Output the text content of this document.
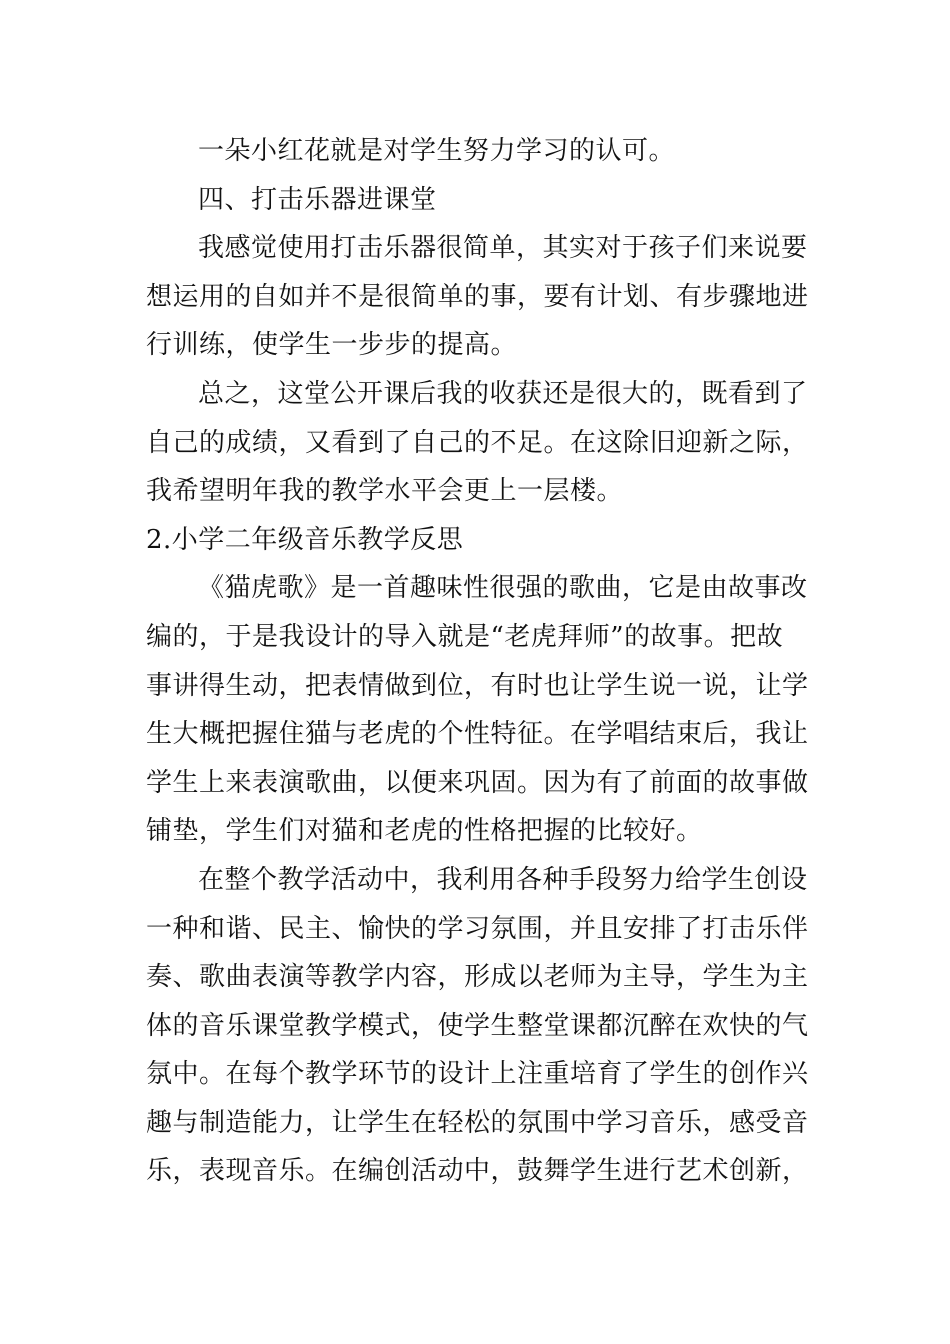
一朵小红花就是对学生努力学习的认可。
四、打击乐器进课堂
我感觉使用打击乐器很简单，其实对于孩子们来说要
想运用的自如并不是很简单的事，要有计划、有步骤地进
行训练，使学生一步步的提高。
总之，这堂公开课后我的收获还是很大的，既看到了
自己的成绩，又看到了自己的不足。在这除旧迎新之际，
我希望明年我的教学水平会更上一层楼。
2.小学二年级音乐教学反思
《猫虎歌》是一首趣味性很强的歌曲，它是由故事改
编的，于是我设计的导入就是“老虎拜师”的故事。把故
事讲得生动，把表情做到位，有时也让学生说一说，让学
生大概把握住猫与老虎的个性特征。在学唱结束后，我让
学生上来表演歌曲，以便来巩固。因为有了前面的故事做
铺垫，学生们对猫和老虎的性格把握的比较好。
在整个教学活动中，我利用各种手段努力给学生创设
一种和谐、民主、愉快的学习氛围，并且安排了打击乐伴
奏、歌曲表演等教学内容，形成以老师为主导，学生为主
体的音乐课堂教学模式，使学生整堂课都沉醉在欢快的气
氛中。在每个教学环节的设计上注重培育了学生的创作兴
趣与制造能力，让学生在轻松的氛围中学习音乐，感受音
乐，表现音乐。在编创活动中，鼓舞学生进行艺术创新，
